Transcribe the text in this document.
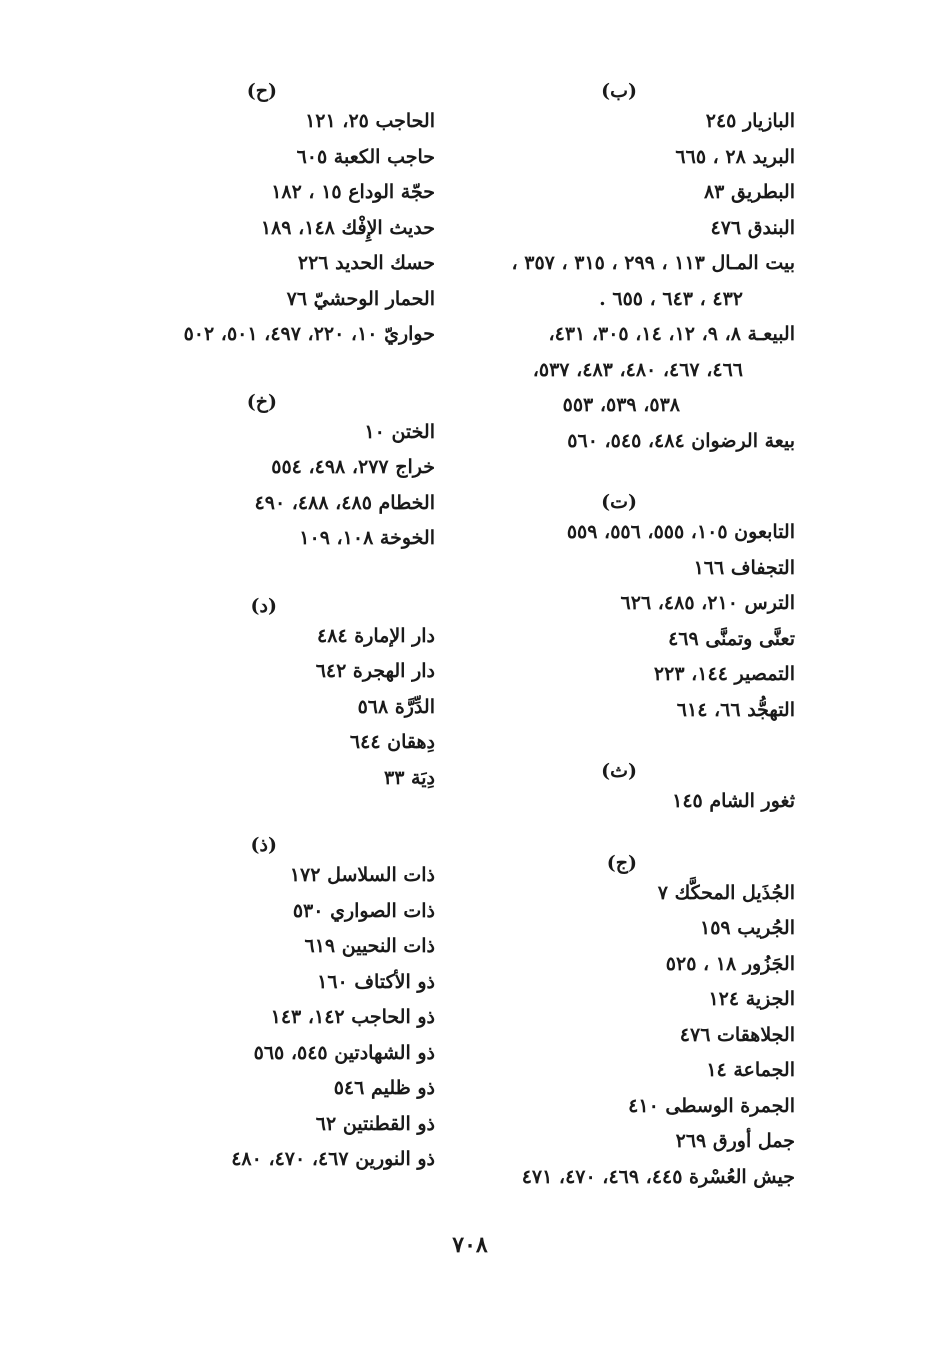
(ب)
البازيار ٢٤٥
البريد ٢٨ ، ٦٦٥
البطريق ٨٣
البندق ٤٧٦
بيت المـال ١١٣ ، ٢٩٩ ، ٣١٥ ، ٣٥٧ ،
٤٣٢ ، ٦٤٣ ، ٦٥٥ .
البيعـة ٨، ٩، ١٢، ١٤، ٣٠٥، ٤٣١،
٤٦٦، ٤٦٧، ٤٨٠، ٤٨٣، ٥٣٧،
٥٣٨، ٥٣٩، ٥٥٣
بيعة الرضوان ٤٨٤، ٥٤٥، ٥٦٠
(ت)
التابعون ١٠٥، ٥٥٥، ٥٥٦، ٥٥٩
التجفاف ١٦٦
الترس ٢١٠، ٤٨٥، ٦٢٦
تعنَّى وتمنَّى ٤٦٩
التمصير ١٤٤، ٢٢٣
التهجُّد ٦٦، ٦١٤
(ث)
ثغور الشام ١٤٥
(ج)
الجُذَيل المحكَّك ٧
الجُريب ١٥٩
الجَزُور ١٨ ، ٥٢٥
الجزية ١٢٤
الجلاهقات ٤٧٦
الجماعة ١٤
الجمرة الوسطى ٤١٠
جمل أورق ٢٦٩
جيش العُسْرة ٤٤٥، ٤٦٩، ٤٧٠، ٤٧١
(ح)
الحاجب ٢٥، ١٢١
حاجب الكعبة ٦٠٥
حجّة الوداع ١٥ ، ١٨٢
حديث الإِفْك ١٤٨، ١٨٩
حسك الحديد ٢٢٦
الحمار الوحشيّ ٧٦
حواريّ ١٠، ٢٢٠، ٤٩٧، ٥٠١، ٥٠٢
(خ)
الختن ١٠
خراج ٢٧٧، ٤٩٨، ٥٥٤
الخطام ٤٨٥، ٤٨٨، ٤٩٠
الخوخة ١٠٨، ١٠٩
(د)
دار الإمارة ٤٨٤
دار الهجرة ٦٤٢
الدِّرَّة ٥٦٨
دِهقان ٦٤٤
دِيَة ٣٣
(ذ)
ذات السلاسل ١٧٢
ذات الصواري ٥٣٠
ذات النحيين ٦١٩
ذو الأكتاف ١٦٠
ذو الحاجب ١٤٢، ١٤٣
ذو الشهادتين ٥٤٥، ٥٦٥
ذو ظليم ٥٤٦
ذو القطنتين ٦٢
ذو النورين ٤٦٧، ٤٧٠، ٤٨٠
٧٠٨
